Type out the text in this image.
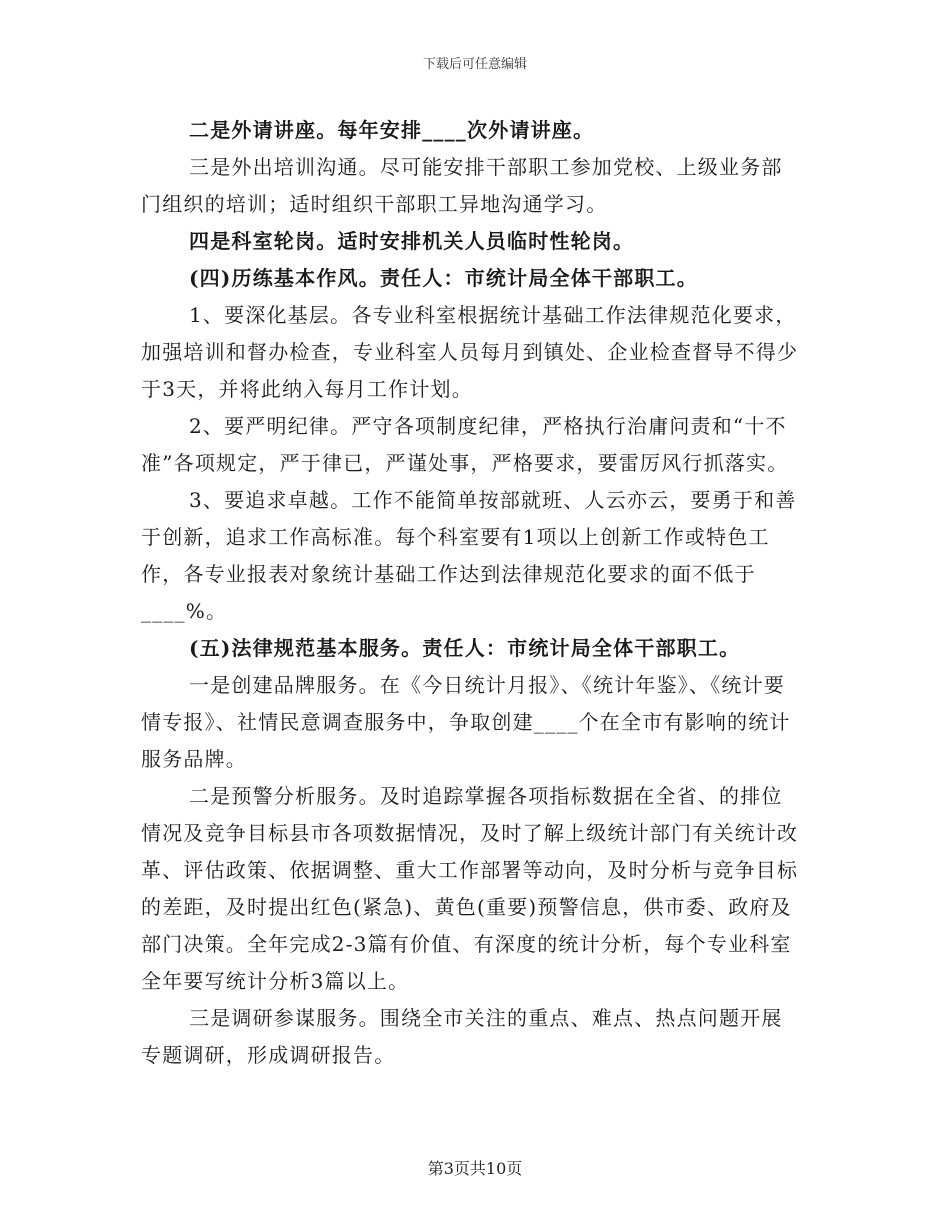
下载后可任意编辑

二是外请讲座。每年安排____次外请讲座。

三是外出培训沟通。尽可能安排干部职工参加党校、上级业务部门组织的培训；适时组织干部职工异地沟通学习。

四是科室轮岗。适时安排机关人员临时性轮岗。

(四)历练基本作风。责任人：市统计局全体干部职工。

1、要深化基层。各专业科室根据统计基础工作法律规范化要求，加强培训和督办检查，专业科室人员每月到镇处、企业检查督导不得少于3天，并将此纳入每月工作计划。

2、要严明纪律。严守各项制度纪律，严格执行治庸问责和“十不准”各项规定，严于律已，严谨处事，严格要求，要雷厉风行抓落实。

3、要追求卓越。工作不能简单按部就班、人云亦云，要勇于和善于创新，追求工作高标准。每个科室要有1项以上创新工作或特色工作，各专业报表对象统计基础工作达到法律规范化要求的面不低于____%。

(五)法律规范基本服务。责任人：市统计局全体干部职工。

一是创建品牌服务。在《今日统计月报》、《统计年鉴》、《统计要情专报》、社情民意调查服务中，争取创建____个在全市有影响的统计服务品牌。

二是预警分析服务。及时追踪掌握各项指标数据在全省、的排位情况及竞争目标县市各项数据情况，及时了解上级统计部门有关统计改革、评估政策、依据调整、重大工作部署等动向，及时分析与竞争目标的差距，及时提出红色(紧急)、黄色(重要)预警信息，供市委、政府及部门决策。全年完成2-3篇有价值、有深度的统计分析，每个专业科室全年要写统计分析3篇以上。

三是调研参谋服务。围绕全市关注的重点、难点、热点问题开展专题调研，形成调研报告。

第3页共10页
